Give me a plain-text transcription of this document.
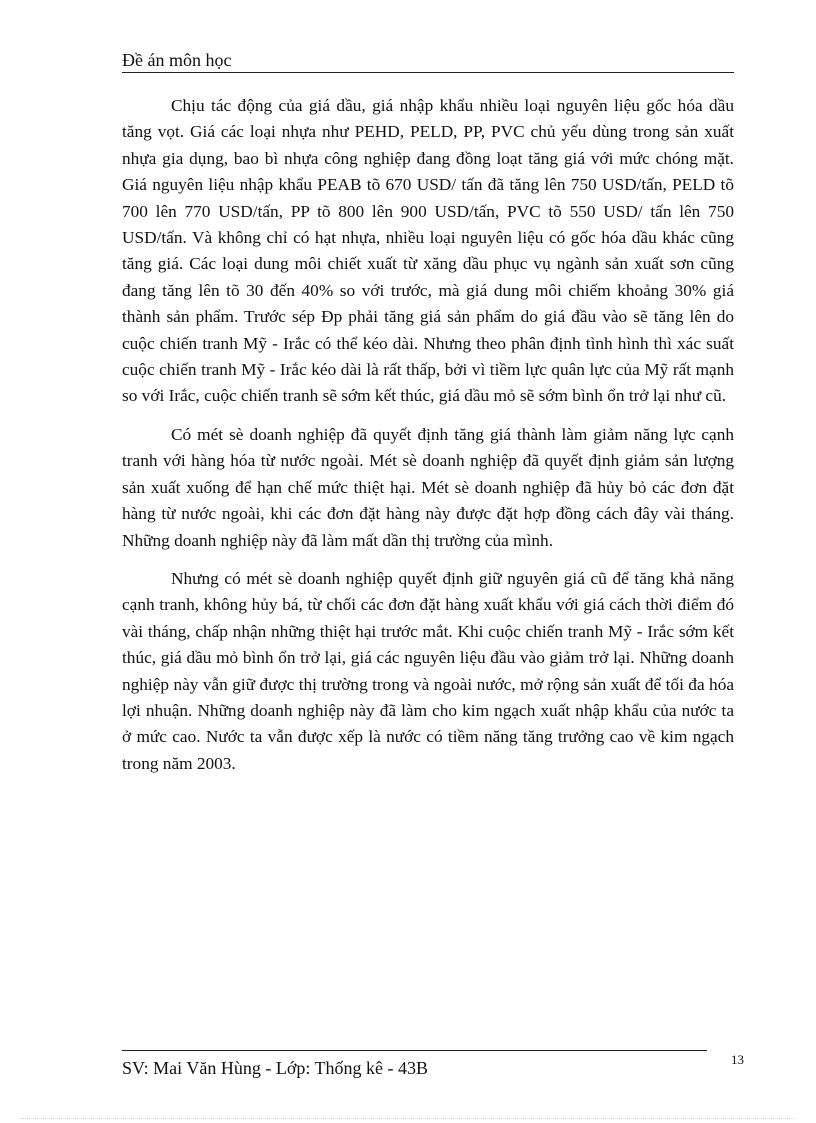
Đề án môn học

Chịu tác động của giá dầu, giá nhập khẩu nhiều loại nguyên liệu gốc hóa dầu tăng vọt. Giá các loại nhựa như PEHD, PELD, PP, PVC chủ yếu dùng trong sản xuất nhựa gia dụng, bao bì nhựa công nghiệp đang đồng loạt tăng giá với mức chóng mặt. Giá nguyên liệu nhập khẩu PEAB tõ 670 USD/ tấn đã tăng lên 750 USD/tấn, PELD tõ 700 lên 770 USD/tấn, PP tõ 800 lên 900 USD/tấn, PVC tõ 550 USD/ tấn lên 750 USD/tấn. Và không chỉ có hạt nhựa, nhiều loại nguyên liệu có gốc hóa dầu khác cũng tăng giá. Các loại dung môi chiết xuất từ xăng dầu phục vụ ngành sản xuất sơn cũng đang tăng lên tõ 30 đến 40% so với trước, mà giá dung môi chiếm khoảng 30% giá thành sản phẩm. Trước sép Đp phải tăng giá sản phẩm do giá đầu vào sẽ tăng lên do cuộc chiến tranh Mỹ - Irắc có thể kéo dài. Nhưng theo phân định tình hình thì xác suất cuộc chiến tranh Mỹ - Irắc kéo dài là rất thấp, bởi vì tiềm lực quân lực của Mỹ rất mạnh so với Irắc, cuộc chiến tranh sẽ sớm kết thúc, giá dầu mỏ sẽ sớm bình ổn trở lại như cũ.

Có mét sè doanh nghiệp đã quyết định tăng giá thành làm giảm năng lực cạnh tranh với hàng hóa từ nước ngoài. Mét sè doanh nghiệp đã quyết định giảm sản lượng sản xuất xuống để hạn chế mức thiệt hại. Mét sè doanh nghiệp đã hủy bỏ các đơn đặt hàng từ nước ngoài, khi các đơn đặt hàng này được đặt hợp đồng cách đây vài tháng. Những doanh nghiệp này đã làm mất dần thị trường của mình.

Nhưng có mét sè doanh nghiệp quyết định giữ nguyên giá cũ để tăng khả năng cạnh tranh, không hủy bá, từ chối các đơn đặt hàng xuất khẩu với giá cách thời điểm đó vài tháng, chấp nhận những thiệt hại trước mắt. Khi cuộc chiến tranh Mỹ - Irắc sớm kết thúc, giá dầu mỏ bình ổn trở lại, giá các nguyên liệu đầu vào giảm trở lại. Những doanh nghiệp này vẫn giữ được thị trường trong và ngoài nước, mở rộng sản xuất để tối đa hóa lợi nhuận. Những doanh nghiệp này đã làm cho kim ngạch xuất nhập khẩu của nước ta ở mức cao. Nước ta vẫn được xếp là nước có tiềm năng tăng trưởng cao về kim ngạch trong năm 2003.

SV: Mai Văn Hùng - Lớp: Thống kê - 43B	13
